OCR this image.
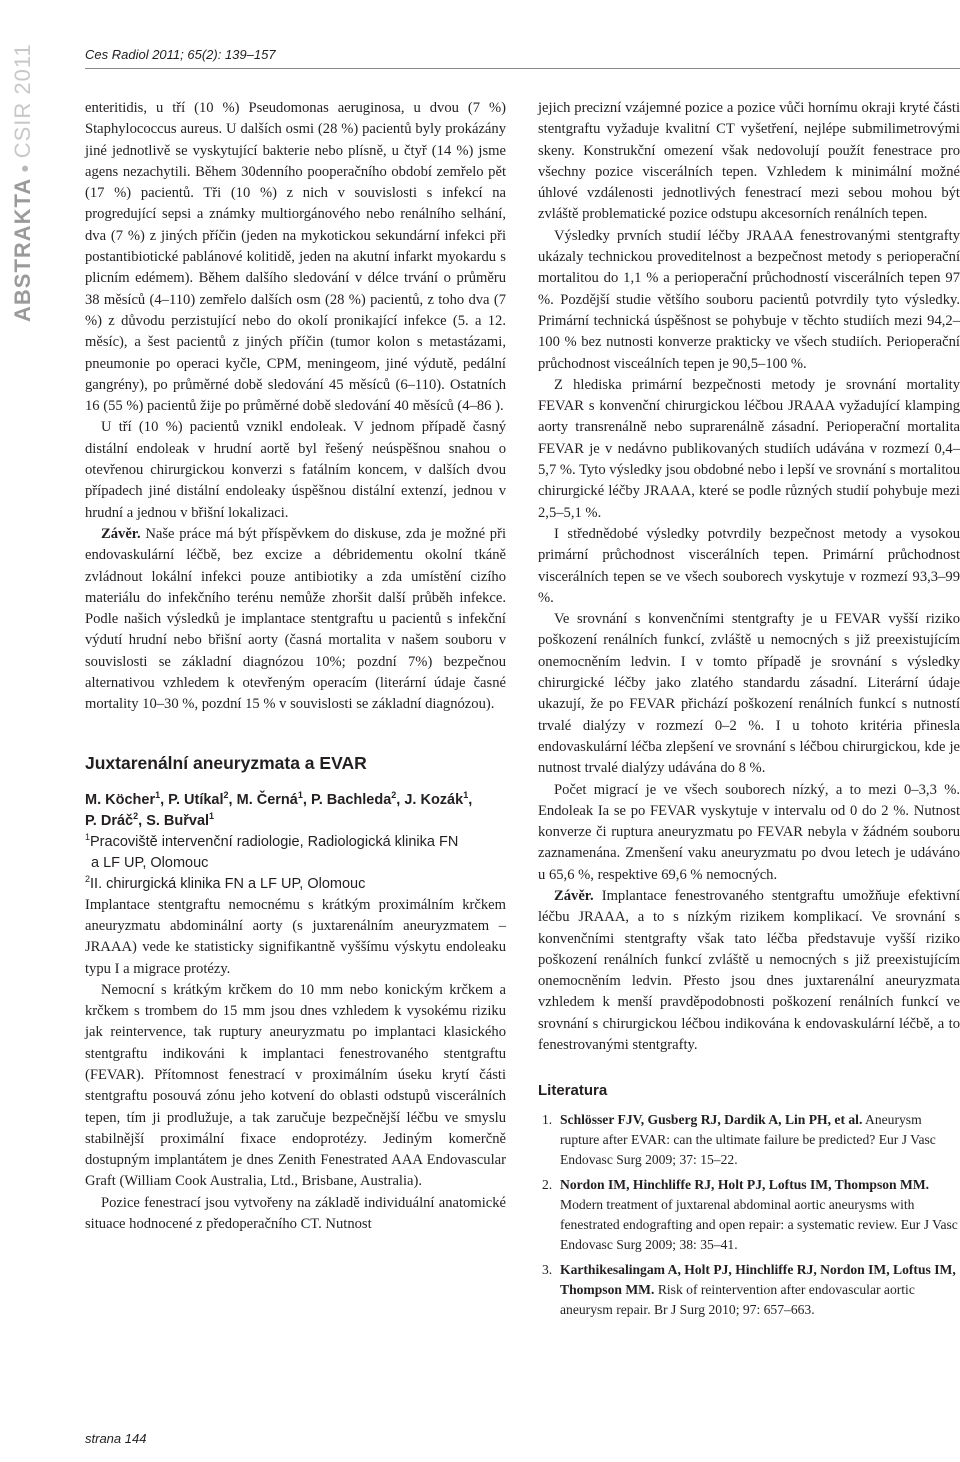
Ces Radiol 2011; 65(2): 139–157
ABSTRAKTA●CSIR 2011	enteritidis, u tří (10 %) Pseudomonas aeruginosa, u dvou (7 %) Staphylococcus aureus. U dalších osmi (28 %) pacientů byly prokázány jiné jednotlivě se vyskytující bakterie nebo plísně, u čtyř (14 %) jsme agens nezachytili. Během 30denního pooperačního období zemřelo pět (17 %) pacientů. Tři (10 %) z nich v souvislosti s infekcí na progredující sepsi a známky multiorgánového nebo renálního selhání, dva (7 %) z jiných příčin (jeden na mykotickou sekundární infekci při postantibiotické pablánové kolitidě, jeden na akutní infarkt myokardu s plicním edémem). Během dalšího sledování v délce trvání o průměru 38 měsíců (4–110) zemřelo dalších osm (28 %) pacientů, z toho dva (7 %) z důvodu perzistující nebo do okolí pronikající infekce (5. a 12. měsíc), a šest pacientů z jiných příčin (tumor kolon s metastázami, pneumonie po operaci kyčle, CPM, meningeom, jiné výdutě, pedální gangrény), po průměrné době sledování 45 měsíců (6–110). Ostatních 16 (55 %) pacientů žije po průměrné době sledování 40 měsíců (4–86 ).

U tří (10 %) pacientů vznikl endoleak. V jednom případě časný distální endoleak v hrudní aortě byl řešený neúspěšnou snahou o otevřenou chirurgickou konverzi s fatálním koncem, v dalších dvou případech jiné distální endoleaky úspěšnou distální extenzí, jednou v hrudní a jednou v břišní lokalizaci.

Závěr. Naše práce má být příspěvkem do diskuse, zda je možné při endovaskulární léčbě, bez excize a débridementu okolní tkáně zvládnout lokální infekci pouze antibiotiky a zda umístění cizího materiálu do infekčního terénu nemůže zhoršit další průběh infekce. Podle našich výsledků je implantace stentgraftu u pacientů s infekční výdutí hrudní nebo břišní aorty (časná mortalita v našem souboru v souvislosti se základní diagnózou 10%; pozdní 7%) bezpečnou alternativou vzhledem k otevřeným operacím (literární údaje časné mortality 10–30 %, pozdní 15 % v souvislosti se základní diagnózou).

Juxtarenální aneuryzmata a EVAR
M. Köcher$^1$, P. Utíkal$^2$, M. Černá$^1$, P. Bachleda$^2$, J. Kozák$^1$,
P. Dráč$^2$, S. Buřval$^1$
$^1$Pracoviště intervenční radiologie, Radiologická klinika FN
a LF UP, Olomouc
$^2$II. chirurgická klinika FN a LF UP, Olomouc

Implantace stentgraftu nemocnému s krátkým proximálním krčkem aneuryzmatu abdominální aorty (s juxtarenálním aneuryzmatem – JRAAA) vede ke statisticky signifikantně vyššímu výskytu endoleaku typu I a migrace protézy.

Nemocní s krátkým krčkem do 10 mm nebo konickým krčkem a krčkem s trombem do 15 mm jsou dnes vzhledem k vysokému riziku jak reintervence, tak ruptury aneuryzmatu po implantaci klasického stentgraftu indikováni k implantaci fenestrovaného stentgraftu (FEVAR). Přítomnost fenestrací v proximálním úseku krytí části stentgraftu posouvá zónu jeho kotvení do oblasti odstupů viscerálních tepen, tím ji prodlužuje, a tak zaručuje bezpečnější léčbu ve smyslu stabilnější proximální fixace endoprotézy. Jediným komerčně dostupným implantátem je dnes Zenith Fenestrated AAA Endovascular Graft (William Cook Australia, Ltd., Brisbane, Australia).

Pozice fenestrací jsou vytvořeny na základě individuální anatomické situace hodnocené z předoperačního CT. Nutnost

jejich precizní vzájemné pozice a pozice vůči hornímu okraji kryté části stentgraftu vyžaduje kvalitní CT vyšetření, nejlépe submilimetrovými skeny. Konstrukční omezení však nedovolují použít fenestrace pro všechny pozice viscerálních tepen. Vzhledem k minimální možné úhlové vzdálenosti jednotlivých fenestrací mezi sebou mohou být zvláště problematické pozice odstupu akcesorních renálních tepen.

Výsledky prvních studií léčby JRAAA fenestrovanými stentgrafty ukázaly technickou proveditelnost a bezpečnost metody s perioperační mortalitou do 1,1 % a perioperační průchodností viscerálních tepen 97 %. Pozdější studie většího souboru pacientů potvrdily tyto výsledky. Primární technická úspěšnost se pohybuje v těchto studiích mezi 94,2–100 % bez nutnosti konverze prakticky ve všech studiích. Perioperační průchodnost visceálních tepen je 90,5–100 %.

Z hlediska primární bezpečnosti metody je srovnání mortality FEVAR s konvenční chirurgickou léčbou JRAAA vyžadující klamping aorty transrenálně nebo suprarenálně zásadní. Perioperační mortalita FEVAR je v nedávno publikovaných studiích udávána v rozmezí 0,4–5,7 %. Tyto výsledky jsou obdobné nebo i lepší ve srovnání s mortalitou chirurgické léčby JRAAA, které se podle různých studií pohybuje mezi 2,5–5,1 %.

I střednědobé výsledky potvrdily bezpečnost metody a vysokou primární průchodnost viscerálních tepen. Primární průchodnost viscerálních tepen se ve všech souborech vyskytuje v rozmezí 93,3–99 %.

Ve srovnání s konvenčními stentgrafty je u FEVAR vyšší riziko poškození renálních funkcí, zvláště u nemocných s již preexistujícím onemocněním ledvin. I v tomto případě je srovnání s výsledky chirurgické léčby jako zlatého standardu zásadní. Literární údaje ukazují, že po FEVAR přichází poškození renálních funkcí s nutností trvalé dialýzy v rozmezí 0–2 %. I u tohoto kritéria přinesla endovaskulární léčba zlepšení ve srovnání s léčbou chirurgickou, kde je nutnost trvalé dialýzy udávána do 8 %.

Počet migrací je ve všech souborech nízký, a to mezi 0–3,3 %. Endoleak Ia se po FEVAR vyskytuje v intervalu od 0 do 2 %. Nutnost konverze či ruptura aneuryzmatu po FEVAR nebyla v žádném souboru zaznamenána. Zmenšení vaku aneuryzmatu po dvou letech je udáváno u 65,6 %, respektive 69,6 % nemocných.

Závěr. Implantace fenestrovaného stentgraftu umožňuje efektivní léčbu JRAAA, a to s nízkým rizikem komplikací. Ve srovnání s konvenčními stentgrafty však tato léčba představuje vyšší riziko poškození renálních funkcí zvláště u nemocných s již preexistujícím onemocněním ledvin. Přesto jsou dnes juxtarenální aneuryzmata vzhledem k menší pravděpodobnosti poškození renálních funkcí ve srovnání s chirurgickou léčbou indikována k endovaskulární léčbě, a to fenestrovanými stentgrafty.

Literatura
1. Schlösser FJV, Gusberg RJ, Dardik A, Lin PH, et al. Aneurysm rupture after EVAR: can the ultimate failure be predicted? Eur J Vasc Endovasc Surg 2009; 37: 15–22.
2. Nordon IM, Hinchliffe RJ, Holt PJ, Loftus IM, Thompson MM. Modern treatment of juxtarenal abdominal aortic aneurysms with fenestrated endografting and open repair: a systematic review. Eur J Vasc Endovasc Surg 2009; 38: 35–41.
3. Karthikesalingam A, Holt PJ, Hinchliffe RJ, Nordon IM, Loftus IM, Thompson MM. Risk of reintervention after endovascular aortic aneurysm repair. Br J Surg 2010; 97: 657–663.
strana 144
